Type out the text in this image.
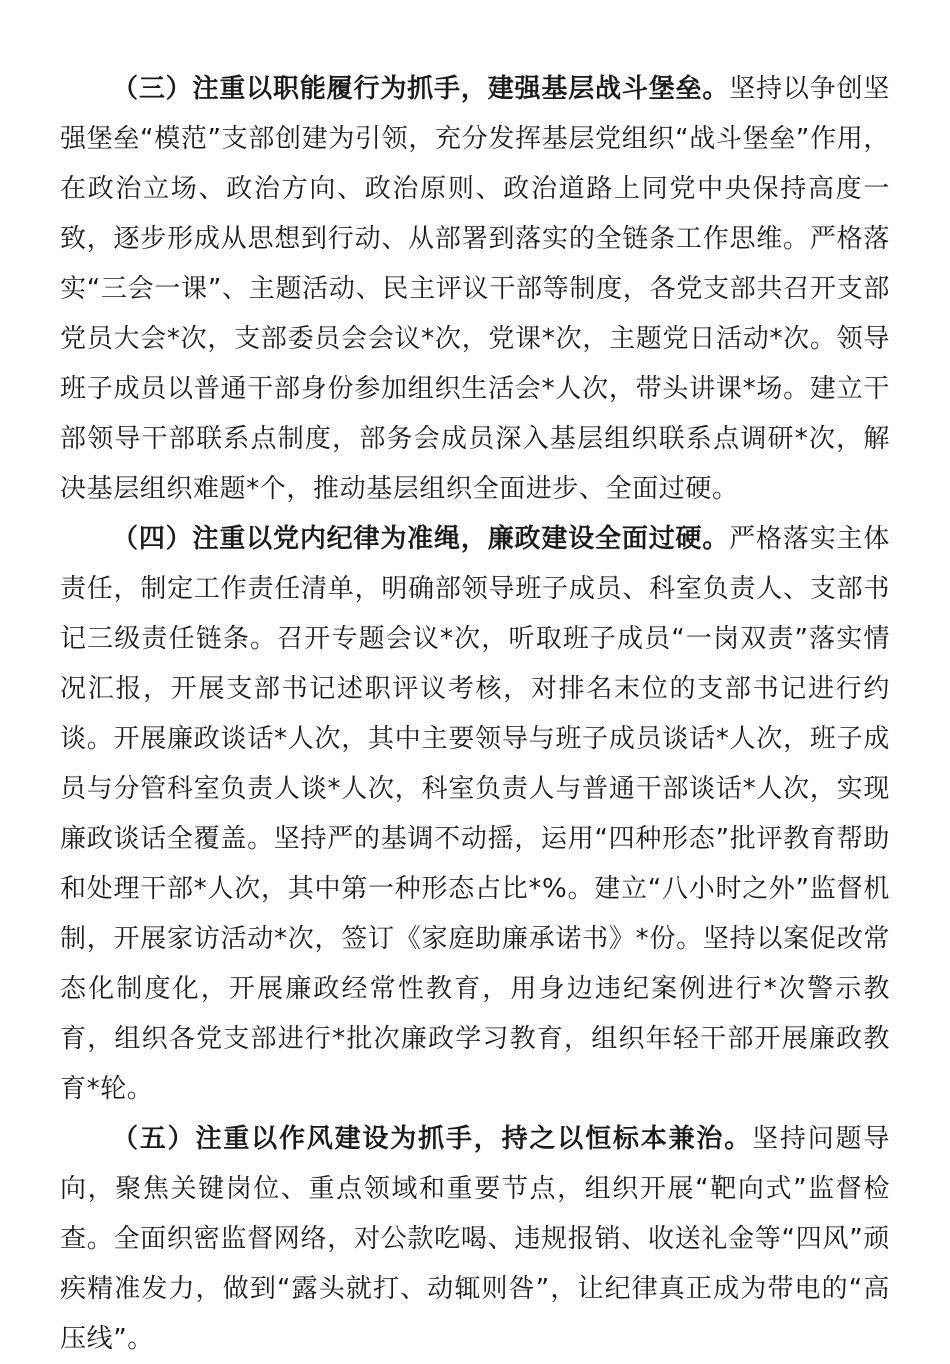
（三）注重以职能履行为抓手，建强基层战斗堡垒。坚持以争创坚强堡垒“模范”支部创建为引领，充分发挥基层党组织“战斗堡垒”作用，在政治立场、政治方向、政治原则、政治道路上同党中央保持高度一致，逐步形成从思想到行动、从部署到落实的全链条工作思维。严格落实“三会一课”、主题活动、民主评议干部等制度，各党支部共召开支部党员大会*次，支部委员会会议*次，党课*次，主题党日活动*次。领导班子成员以普通干部身份参加组织生活会*人次，带头讲课*场。建立干部领导干部联系点制度，部务会成员深入基层组织联系点调研*次，解决基层组织难题*个，推动基层组织全面进步、全面过硬。

（四）注重以党内纪律为准绳，廉政建设全面过硬。严格落实主体责任，制定工作责任清单，明确部领导班子成员、科室负责人、支部书记三级责任链条。召开专题会议*次，听取班子成员“一岗双责”落实情况汇报，开展支部书记述职评议考核，对排名末位的支部书记进行约谈。开展廉政谈话*人次，其中主要领导与班子成员谈话*人次，班子成员与分管科室负责人谈*人次，科室负责人与普通干部谈话*人次，实现廉政谈话全覆盖。坚持严的基调不动摇，运用“四种形态”批评教育帮助和处理干部*人次，其中第一种形态占比*%。建立“八小时之外”监督机制，开展家访活动*次，签订《家庭助廉承诺书》*份。坚持以案促改常态化制度化，开展廉政经常性教育，用身边违纪案例进行*次警示教育，组织各党支部进行*批次廉政学习教育，组织年轻干部开展廉政教育*轮。

（五）注重以作风建设为抓手，持之以恒标本兼治。坚持问题导向，聚焦关键岗位、重点领域和重要节点，组织开展“靶向式”监督检查。全面织密监督网络，对公款吃喝、违规报销、收送礼金等“四风”顽疾精准发力，做到“露头就打、动辄则咎”，让纪律真正成为带电的“高压线”。
